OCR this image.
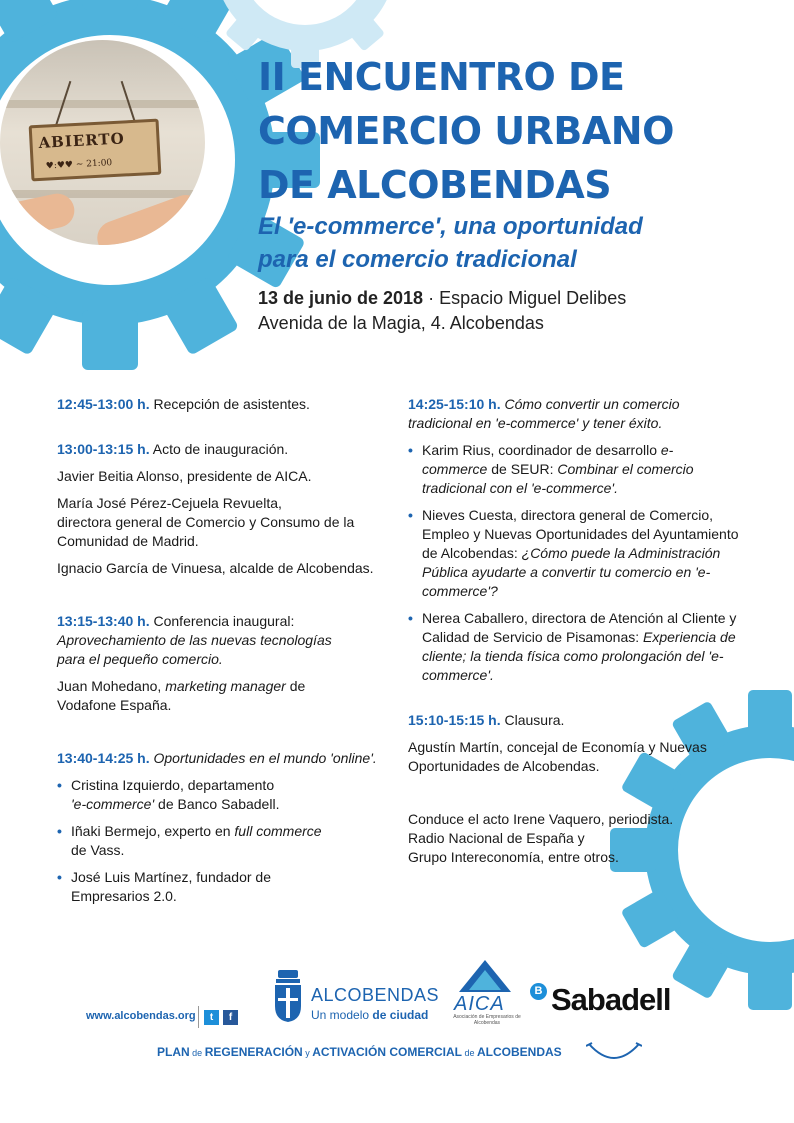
ABIERTO
♥:♥♥ ~ 21:00
II ENCUENTRO DE
COMERCIO URBANO
DE ALCOBENDAS
El 'e-commerce', una oportunidad
para el comercio tradicional
13 de junio de 2018 · Espacio Miguel Delibes
Avenida de la Magia, 4. Alcobendas
12:45-13:00 h. Recepción de asistentes.
13:00-13:15 h. Acto de inauguración.
Javier Beitia Alonso, presidente de AICA.
María José Pérez-Cejuela Revuelta,
directora general de Comercio y Consumo de la Comunidad de Madrid.
Ignacio García de Vinuesa, alcalde de Alcobendas.
13:15-13:40 h. Conferencia inaugural:
Aprovechamiento de las nuevas tecnologías para el pequeño comercio.
Juan Mohedano, marketing manager de Vodafone España.
13:40-14:25 h. Oportunidades en el mundo 'online'.
• Cristina Izquierdo, departamento
'e-commerce' de Banco Sabadell.
• Iñaki Bermejo, experto en full commerce
de Vass.
• José Luis Martínez, fundador de Empresarios 2.0.
14:25-15:10 h. Cómo convertir un comercio tradicional en 'e-commerce' y tener éxito.
• Karim Rius, coordinador de desarrollo e-commerce de SEUR: Combinar el comercio tradicional con el 'e-commerce'.
• Nieves Cuesta, directora general de Comercio, Empleo y Nuevas Oportunidades del Ayuntamiento de Alcobendas: ¿Cómo puede la Administración Pública ayudarte a convertir tu comercio en 'e-commerce'?
• Nerea Caballero, directora de Atención al Cliente y Calidad de Servicio de Pisamonas: Experiencia de cliente; la tienda física como prolongación del 'e-commerce'.
15:10-15:15 h. Clausura.
Agustín Martín, concejal de Economía y Nuevas Oportunidades de Alcobendas.
Conduce el acto Irene Vaquero, periodista.
Radio Nacional de España y
Grupo Intereconomía, entre otros.
www.alcobendas.org	t	f
ALCOBENDAS
Un modelo de ciudad AICA
Asociación de Empresarios de Alcobendas
B Sabadell
PLAN de REGENERACIÓN y ACTIVACIÓN COMERCIAL de ALCOBENDAS
